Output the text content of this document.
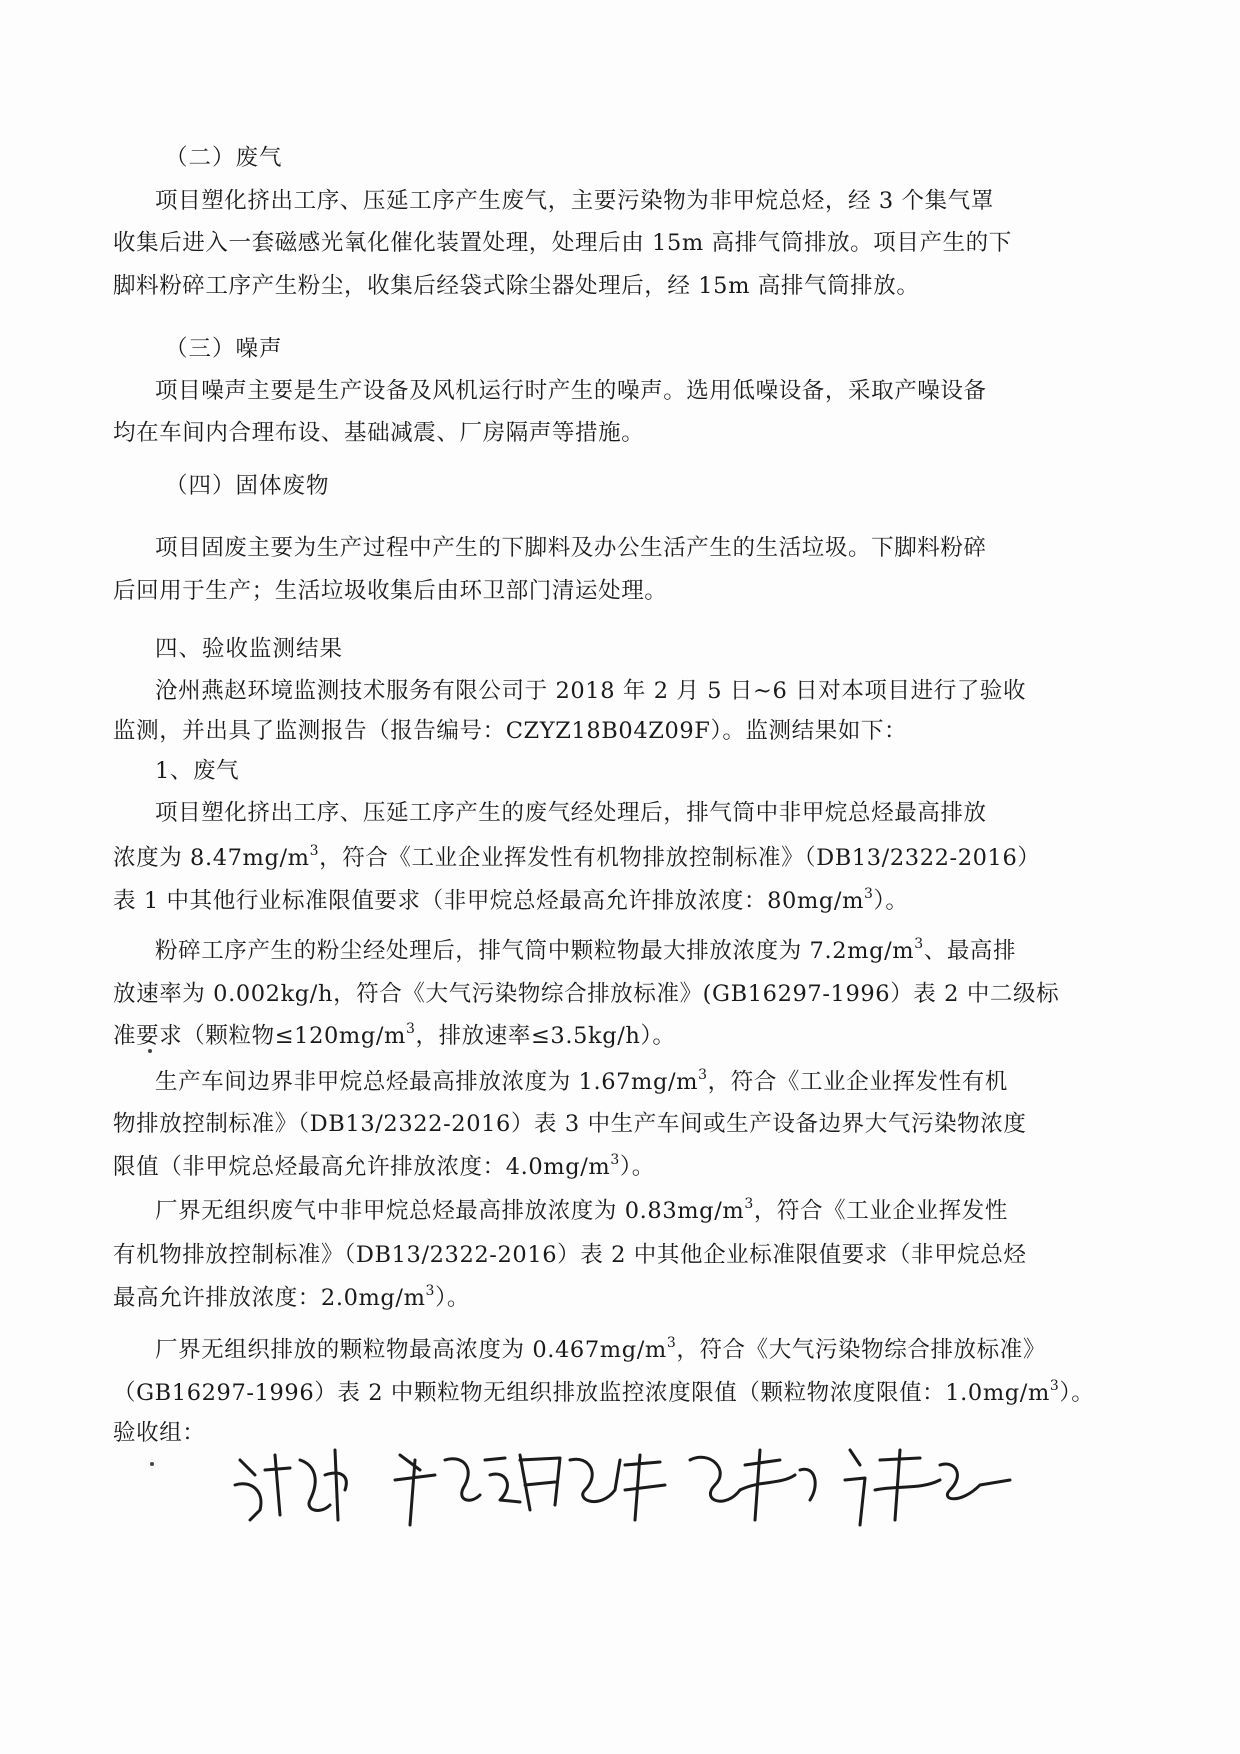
（二）废气
项目塑化挤出工序、压延工序产生废气，主要污染物为非甲烷总烃，经 3 个集气罩
收集后进入一套磁感光氧化催化装置处理，处理后由 15m 高排气筒排放。项目产生的下
脚料粉碎工序产生粉尘，收集后经袋式除尘器处理后，经 15m 高排气筒排放。
（三）噪声
项目噪声主要是生产设备及风机运行时产生的噪声。选用低噪设备，采取产噪设备
均在车间内合理布设、基础减震、厂房隔声等措施。
（四）固体废物
项目固废主要为生产过程中产生的下脚料及办公生活产生的生活垃圾。下脚料粉碎
后回用于生产；生活垃圾收集后由环卫部门清运处理。
四、验收监测结果
沧州燕赵环境监测技术服务有限公司于 2018 年 2 月 5 日~6 日对本项目进行了验收
监测，并出具了监测报告（报告编号：CZYZ18B04Z09F）。监测结果如下：
1、废气
项目塑化挤出工序、压延工序产生的废气经处理后，排气筒中非甲烷总烃最高排放
浓度为 $8.47mg/m^3$，符合《工业企业挥发性有机物排放控制标准》（DB13/2322-2016）
表 1 中其他行业标准限值要求（非甲烷总烃最高允许排放浓度：$80mg/m^3$）。
粉碎工序产生的粉尘经处理后，排气筒中颗粒物最大排放浓度为 $7.2mg/m^3$、最高排
放速率为 0.002kg/h，符合《大气污染物综合排放标准》(GB16297-1996）表 2 中二级标
准要求（颗粒物$\le 120mg/m^3$，排放速率≤3.5kg/h）。
生产车间边界非甲烷总烃最高排放浓度为 $1.67mg/m^3$，符合《工业企业挥发性有机
物排放控制标准》（DB13/2322-2016）表 3 中生产车间或生产设备边界大气污染物浓度
限值（非甲烷总烃最高允许排放浓度：$4.0mg/m^3$）。
厂界无组织废气中非甲烷总烃最高排放浓度为 $0.83mg/m^3$，符合《工业企业挥发性
有机物排放控制标准》（DB13/2322-2016）表 2 中其他企业标准限值要求（非甲烷总烃
最高允许排放浓度：$2.0mg/m^3$）。
厂界无组织排放的颗粒物最高浓度为 $0.467mg/m^3$，符合《大气污染物综合排放标准》
（GB16297-1996）表 2 中颗粒物无组织排放监控浓度限值（颗粒物浓度限值：$1.0mg/m^3$）。
验收组：
